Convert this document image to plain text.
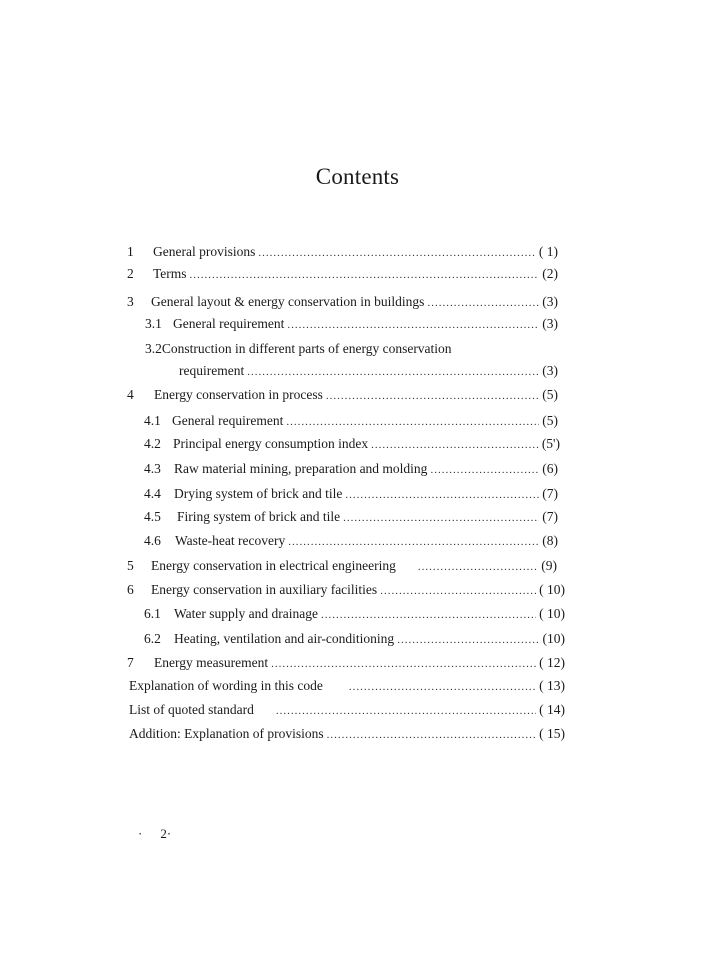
Contents
1 General provisions .....	( 1)
2 Terms .....	(2)
3 General layout & energy conservation in buildings .....	(3)
3.1 General requirement .....	(3)
3.2Construction in different parts of energy conservation
requirement .....	(3)
4 Energy conservation in process .....	(5)
4.1 General requirement .....	(5)
4.2 Principal energy consumption index .....	(5')
4.3 Raw material mining, preparation and molding .....	(6)
4.4 Drying system of brick and tile .....	(7)
4.5 Firing system of brick and tile .....	(7)
4.6 Waste-heat recovery .....	(8)
5 Energy conservation in electrical engineering .....	(9)
6 Energy conservation in auxiliary facilities .....	( 10)
6.1 Water supply and drainage .....	( 10)
6.2 Heating, ventilation and air-conditioning .....	(10)
7 Energy measurement .....	( 12)
Explanation of wording in this code .....	( 13)
List of quoted standard .....	( 14)
Addition: Explanation of provisions .....	( 15)
· 2·
